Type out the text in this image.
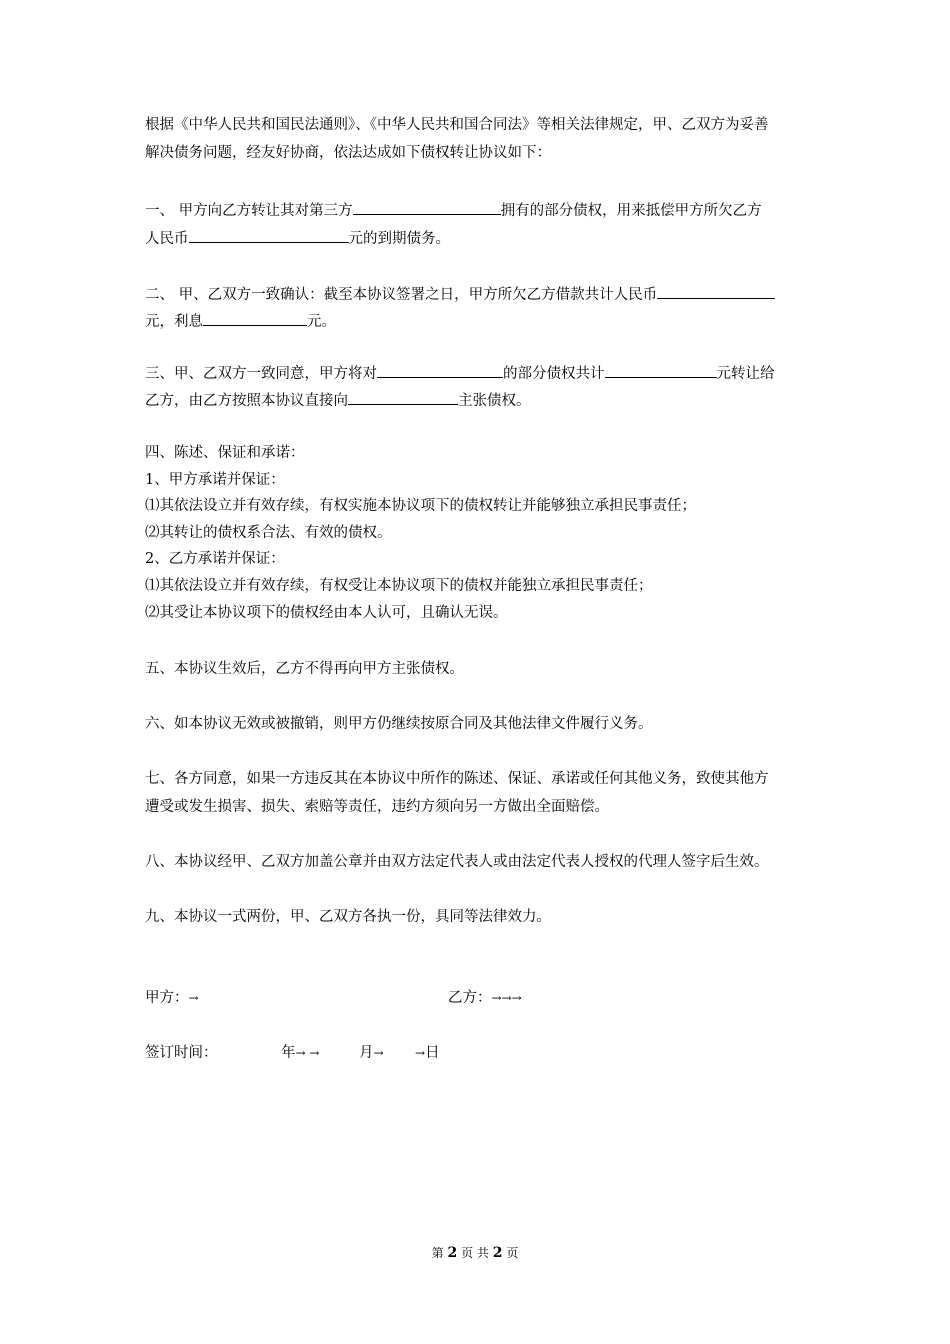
根据《中华人民共和国民法通则》、《中华人民共和国合同法》等相关法律规定，甲、乙双方为妥善
解决债务问题，经友好协商，依法达成如下债权转让协议如下：
一、 甲方向乙方转让其对第三方	拥有的部分债权，用来抵偿甲方所欠乙方
人民币	元的到期债务。
二、 甲、乙双方一致确认：截至本协议签署之日，甲方所欠乙方借款共计人民币
元，利息	元。
三、甲、乙双方一致同意，甲方将对	的部分债权共计	元转让给
乙方，由乙方按照本协议直接向	主张债权。
四、陈述、保证和承诺：
1、甲方承诺并保证：
⑴其依法设立并有效存续，有权实施本协议项下的债权转让并能够独立承担民事责任；
⑵其转让的债权系合法、有效的债权。
2、乙方承诺并保证：
⑴其依法设立并有效存续，有权受让本协议项下的债权并能独立承担民事责任；
⑵其受让本协议项下的债权经由本人认可，且确认无误。
五、本协议生效后，乙方不得再向甲方主张债权。
六、如本协议无效或被撤销，则甲方仍继续按原合同及其他法律文件履行义务。
七、各方同意，如果一方违反其在本协议中所作的陈述、保证、承诺或任何其他义务，致使其他方
遭受或发生损害、损失、索赔等责任，违约方须向另一方做出全面赔偿。
八、本协议经甲、乙双方加盖公章并由双方法定代表人或由法定代表人授权的代理人签字后生效。
九、本协议一式两份，甲、乙双方各执一份，具同等法律效力。
甲方：→	乙方：→→→
签订时间：	年→ →	月→	→日
第 2 页 共 2 页
